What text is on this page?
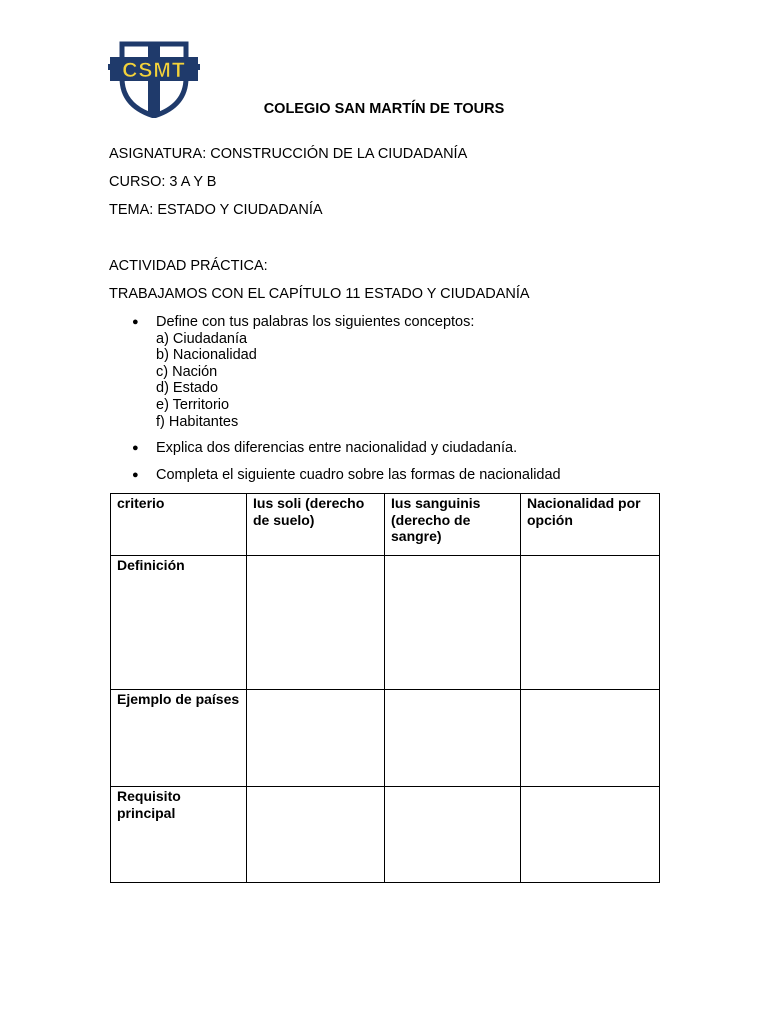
CSMT
COLEGIO SAN MARTÍN DE TOURS
ASIGNATURA: CONSTRUCCIÓN DE LA CIUDADANÍA
CURSO: 3 A Y B
TEMA: ESTADO Y CIUDADANÍA
ACTIVIDAD PRÁCTICA:
TRABAJAMOS CON EL CAPÍTULO 11 ESTADO Y CIUDADANÍA
● Define con tus palabras los siguientes conceptos:
a) Ciudadanía
b) Nacionalidad
c) Nación
d) Estado
e) Territorio
f) Habitantes
● Explica dos diferencias entre nacionalidad y ciudadanía.
● Completa el siguiente cuadro sobre las formas de nacionalidad
criterio	Ius soli (derecho de suelo)	Ius sanguinis (derecho de sangre)	Nacionalidad por opción
Definición			
Ejemplo de países			
Requisito principal			
